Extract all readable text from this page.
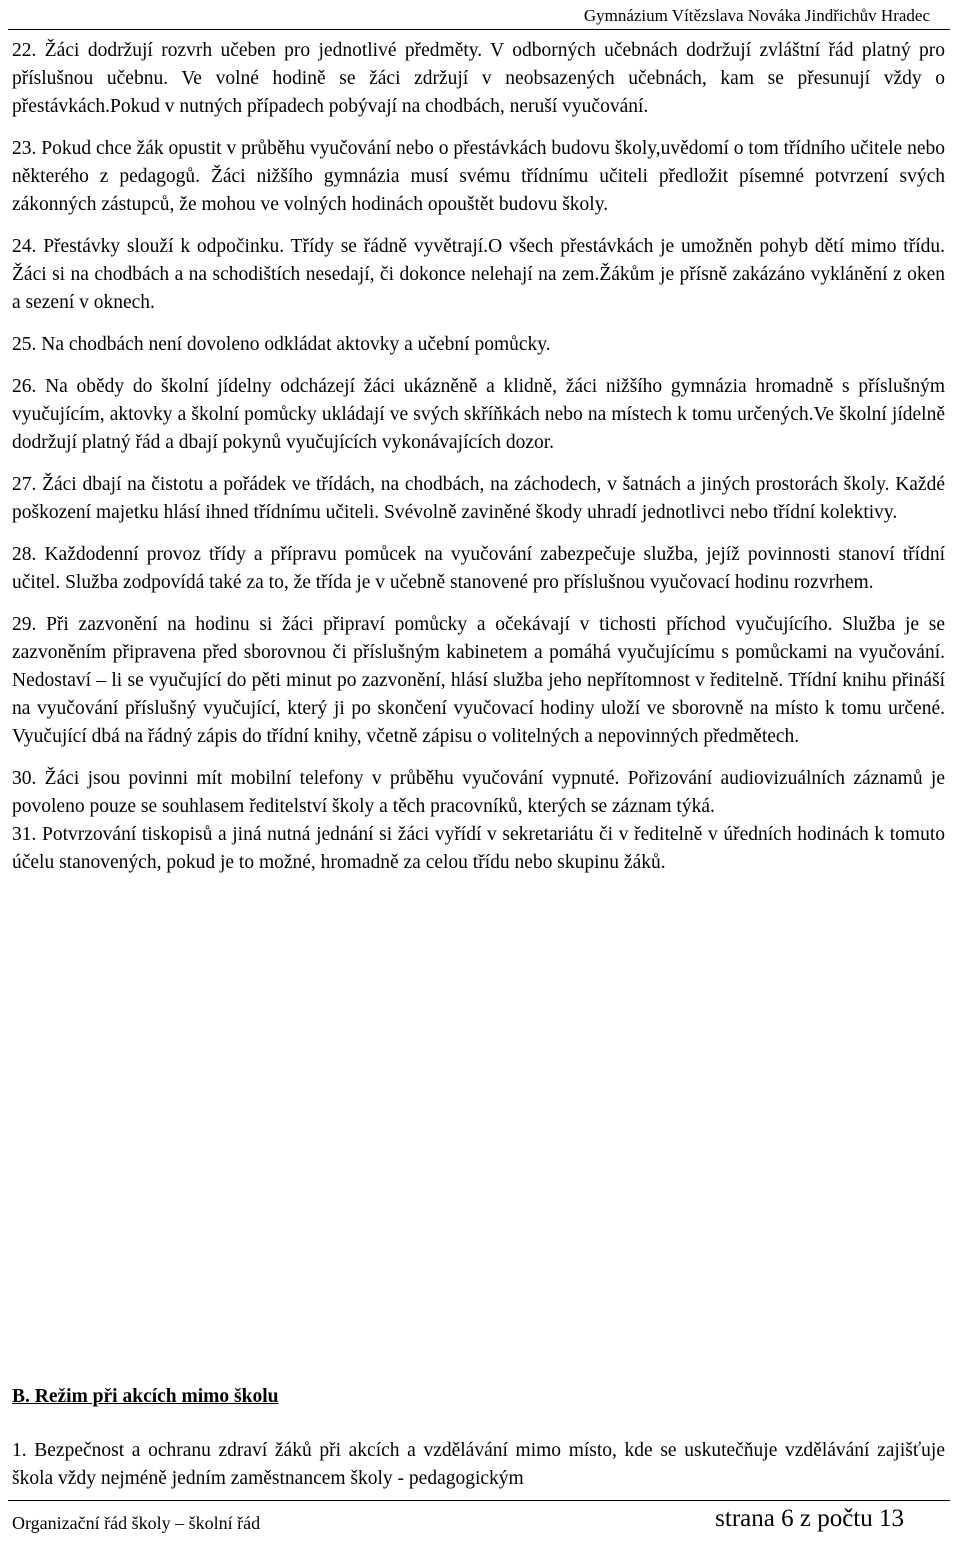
Gymnázium Vítězslava Nováka Jindřichův Hradec

22. Žáci dodržují rozvrh učeben pro jednotlivé předměty. V odborných učebnách dodržují zvláštní řád platný pro příslušnou učebnu. Ve volné hodině se žáci zdržují v neobsazených učebnách, kam se přesunují vždy o přestávkách.Pokud v nutných případech pobývají na chodbách, neruší vyučování.

23. Pokud chce žák opustit v průběhu vyučování nebo o přestávkách budovu školy,uvědomí o tom třídního učitele nebo některého z pedagogů. Žáci nižšího gymnázia musí svému třídnímu učiteli předložit písemné potvrzení svých zákonných zástupců, že mohou ve volných hodinách opouštět budovu školy.

24. Přestávky slouží k odpočinku. Třídy se řádně vyvětrají.O všech přestávkách je umožněn pohyb dětí mimo třídu. Žáci si na chodbách a na schodištích nesedají, či dokonce nelehají na zem.Žákům je přísně zakázáno vyklánění z oken a sezení v oknech.

25. Na chodbách není dovoleno odkládat aktovky a učební pomůcky.

26. Na obědy do školní jídelny odcházejí žáci ukázněně a klidně, žáci nižšího gymnázia hromadně s příslušným vyučujícím, aktovky a školní pomůcky ukládají ve svých skříňkách nebo na místech k tomu určených.Ve školní jídelně dodržují platný řád a dbají pokynů vyučujících vykonávajících dozor.

27. Žáci dbají na čistotu a pořádek ve třídách, na chodbách, na záchodech, v šatnách a jiných prostorách školy. Každé poškození majetku hlásí ihned třídnímu učiteli. Svévolně zaviněné škody uhradí jednotlivci nebo třídní kolektivy.

28. Každodenní provoz třídy a přípravu pomůcek na vyučování zabezpečuje služba, jejíž povinnosti stanoví třídní učitel. Služba zodpovídá také za to, že třída je v učebně stanovené pro příslušnou vyučovací hodinu rozvrhem.

29. Při zazvonění na hodinu si žáci připraví pomůcky a očekávají v tichosti příchod vyučujícího. Služba je se zazvoněním připravena před sborovnou či příslušným kabinetem a pomáhá vyučujícímu s pomůckami na vyučování. Nedostaví – li se vyučující do pěti minut po zazvonění, hlásí služba jeho nepřítomnost v ředitelně. Třídní knihu přináší na vyučování příslušný vyučující, který ji po skončení vyučovací hodiny uloží ve sborovně na místo k tomu určené. Vyučující dbá na řádný zápis do třídní knihy, včetně zápisu o volitelných a nepovinných předmětech.

30. Žáci jsou povinni mít mobilní telefony v průběhu vyučování vypnuté. Pořizování audiovizuálních záznamů je povoleno pouze se souhlasem ředitelství školy a těch pracovníků, kterých se záznam týká.

31. Potvrzování tiskopisů a jiná nutná jednání si žáci vyřídí v sekretariátu či v ředitelně v úředních hodinách k tomuto účelu stanovených, pokud je to možné, hromadně za celou třídu nebo skupinu žáků.

B. Režim při akcích mimo školu

1. Bezpečnost a ochranu zdraví žáků při akcích a vzdělávání mimo místo, kde se uskutečňuje vzdělávání zajišťuje škola vždy nejméně jedním zaměstnancem školy - pedagogickým

Organizační řád školy – školní řád	strana 6 z počtu 13
